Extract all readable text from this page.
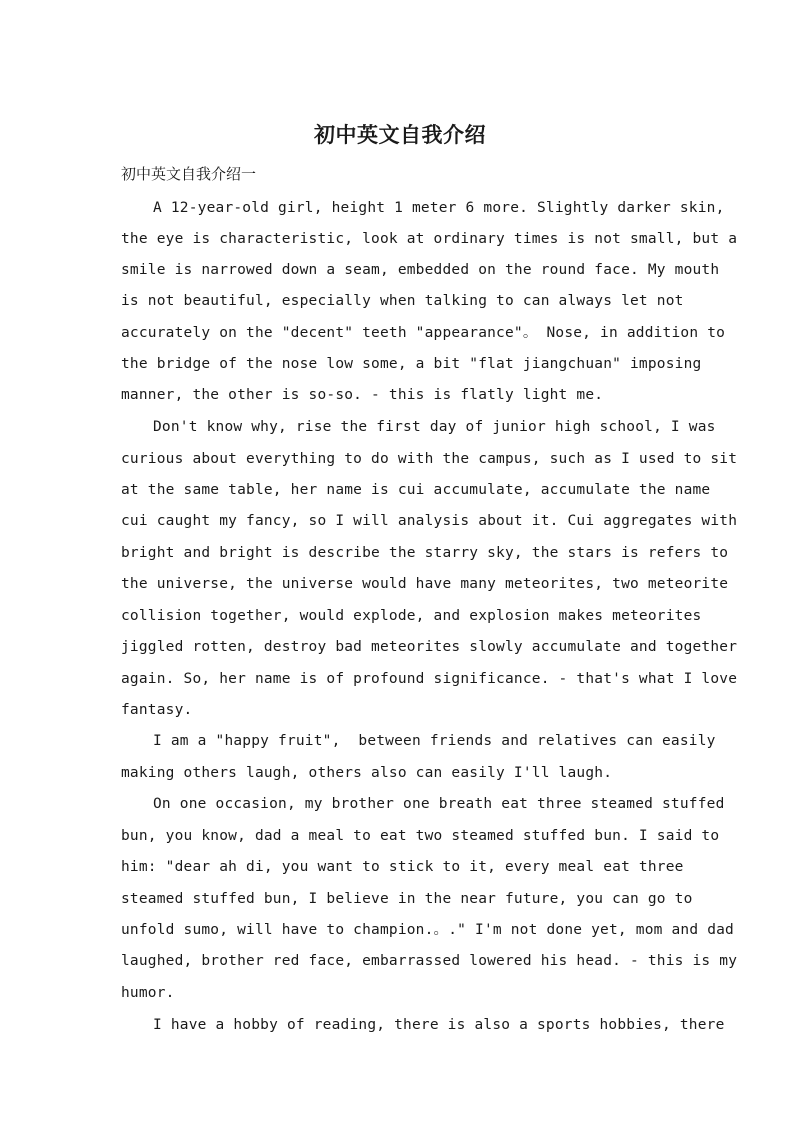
初中英文自我介绍
初中英文自我介绍一
A 12-year-old girl, height 1 meter 6 more. Slightly darker skin,
the eye is characteristic, look at ordinary times is not small, but a
smile is narrowed down a seam, embedded on the round face. My mouth
is not beautiful, especially when talking to can always let not
accurately on the "decent" teeth "appearance"。 Nose, in addition to
the bridge of the nose low some, a bit "flat jiangchuan" imposing
manner, the other is so-so. - this is flatly light me.
Don't know why, rise the first day of junior high school, I was
curious about everything to do with the campus, such as I used to sit
at the same table, her name is cui accumulate, accumulate the name
cui caught my fancy, so I will analysis about it. Cui aggregates with
bright and bright is describe the starry sky, the stars is refers to
the universe, the universe would have many meteorites, two meteorite
collision together, would explode, and explosion makes meteorites
jiggled rotten, destroy bad meteorites slowly accumulate and together
again. So, her name is of profound significance. - that's what I love
fantasy.
I am a "happy fruit",  between friends and relatives can easily
making others laugh, others also can easily I'll laugh.
On one occasion, my brother one breath eat three steamed stuffed
bun, you know, dad a meal to eat two steamed stuffed bun. I said to
him: "dear ah di, you want to stick to it, every meal eat three
steamed stuffed bun, I believe in the near future, you can go to
unfold sumo, will have to champion.。." I'm not done yet, mom and dad
laughed, brother red face, embarrassed lowered his head. - this is my
humor.
I have a hobby of reading, there is also a sports hobbies, there
